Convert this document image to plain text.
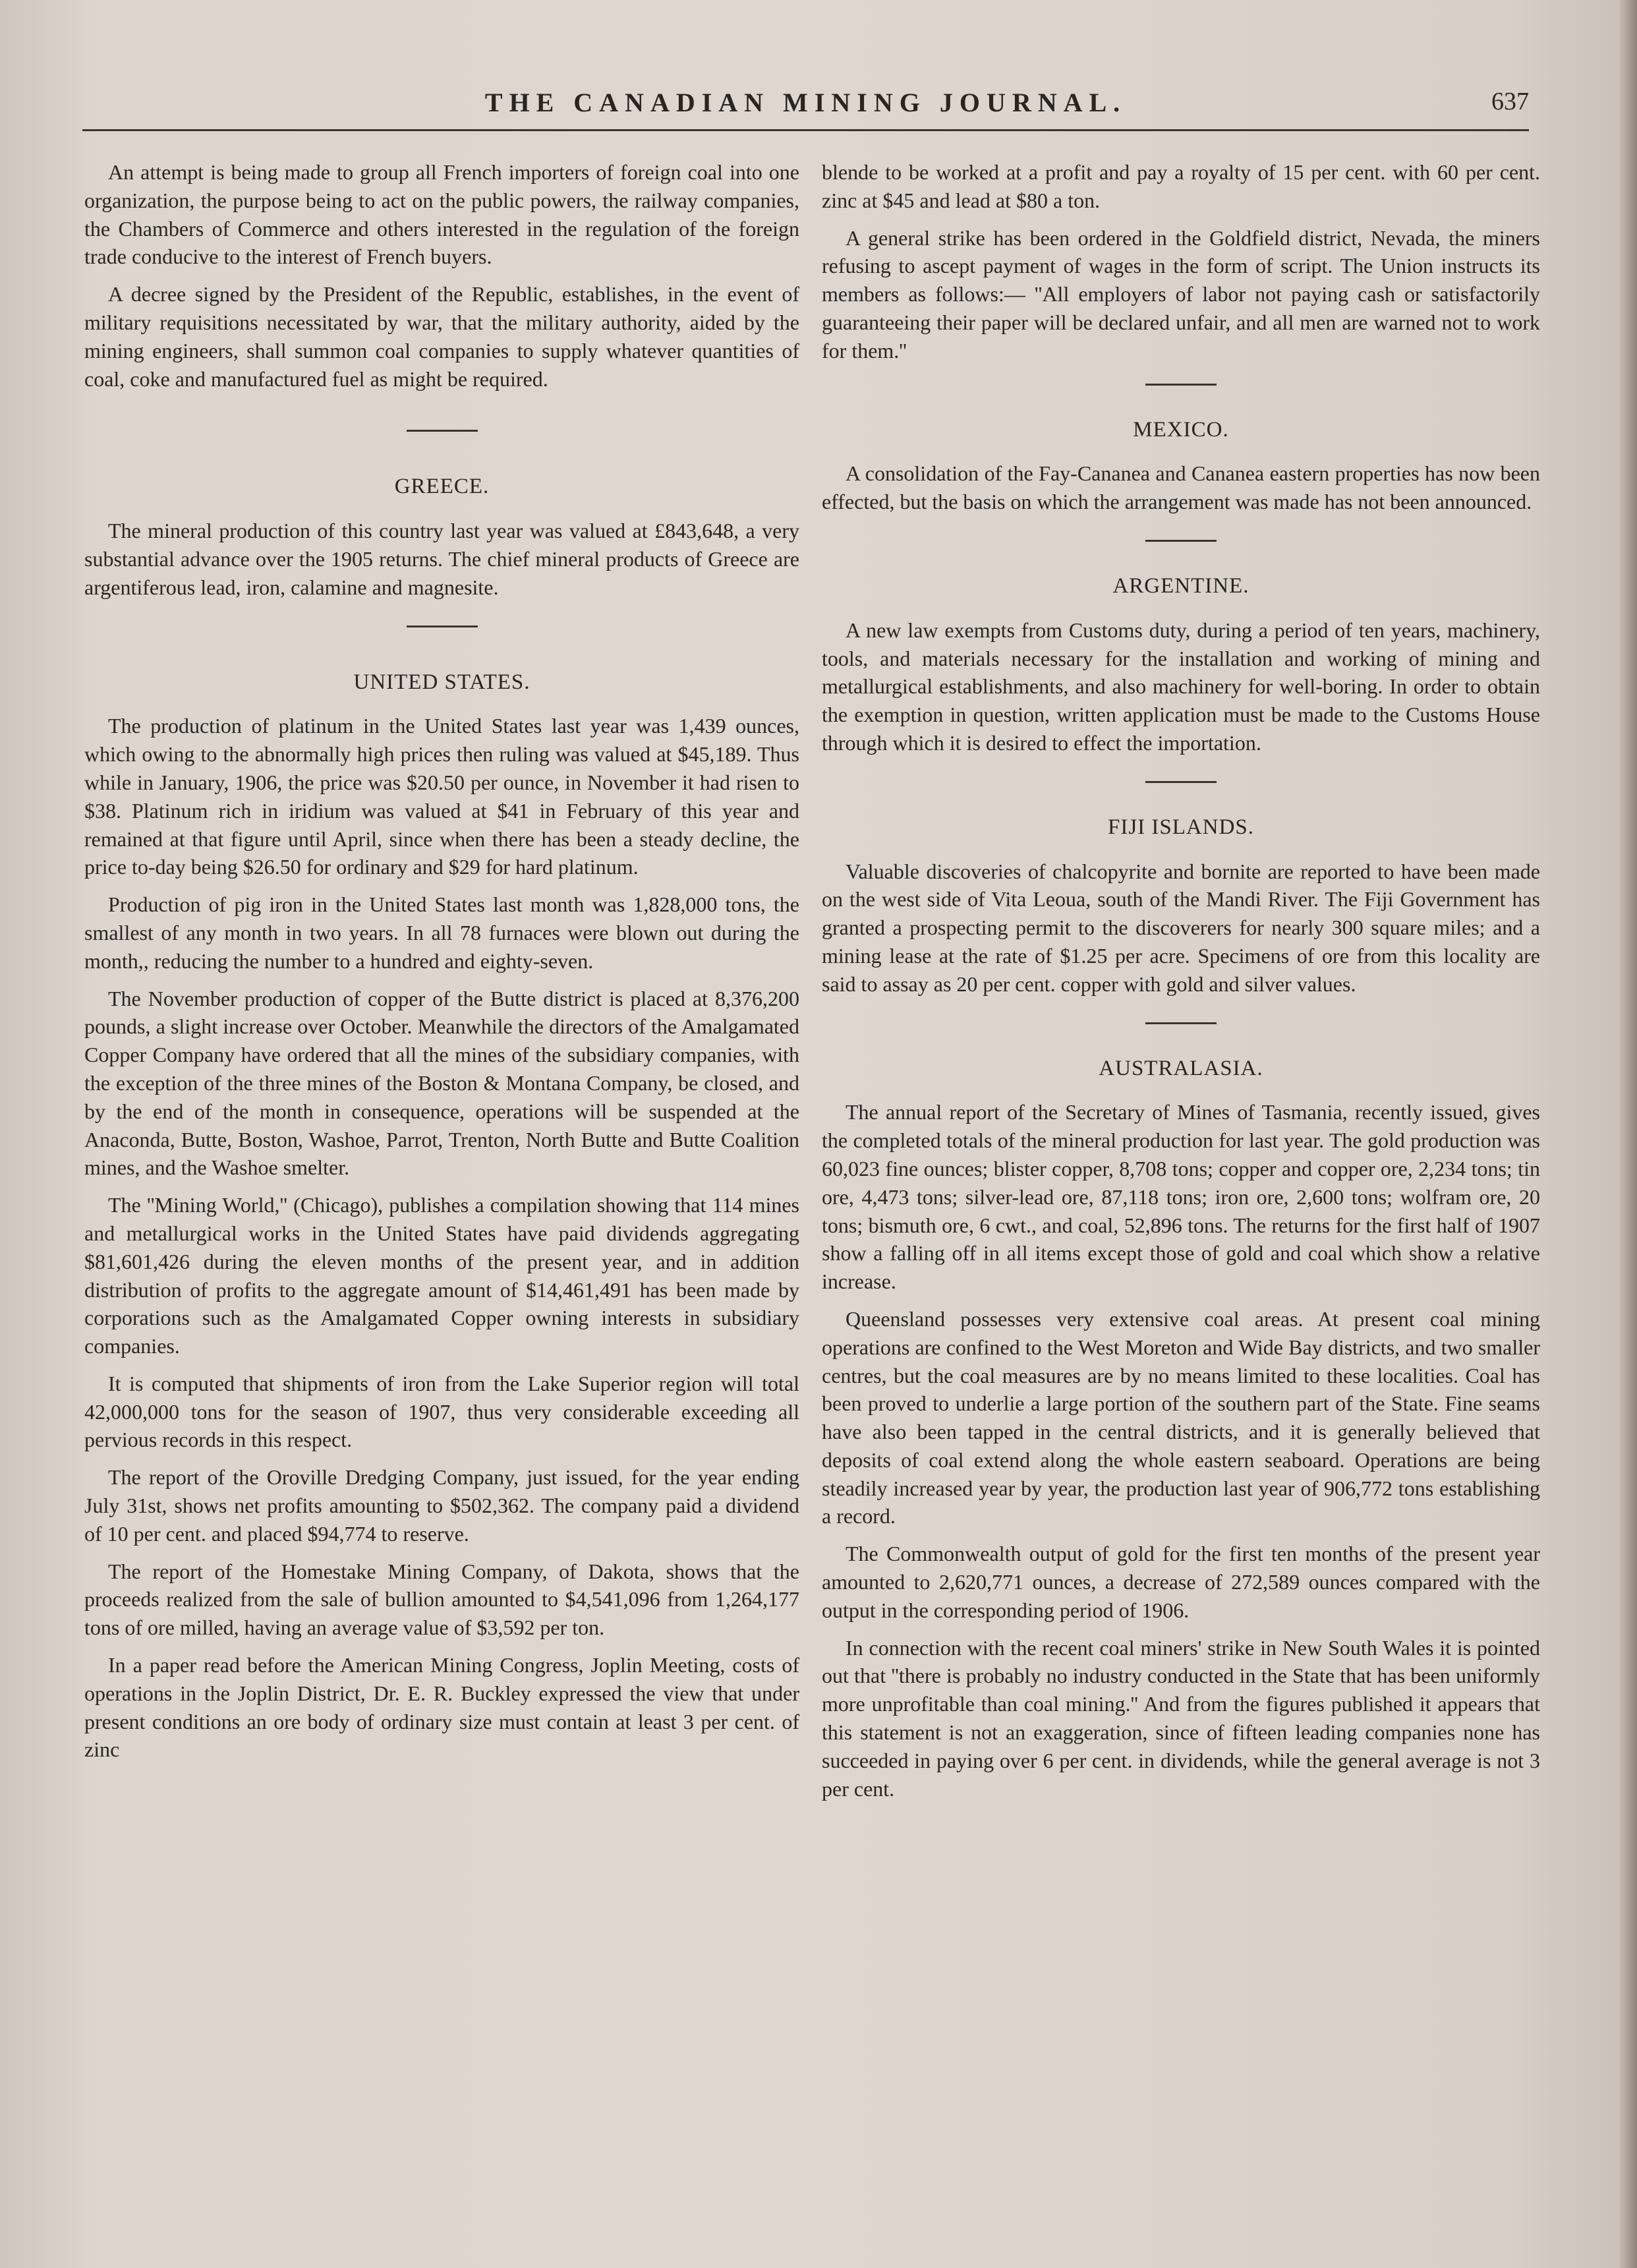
THE CANADIAN MINING JOURNAL.	637

An attempt is being made to group all French importers of foreign coal into one organization, the purpose being to act on the public powers, the railway companies, the Chambers of Commerce and others interested in the regulation of the foreign trade conducive to the interest of French buyers.

A decree signed by the President of the Republic, establishes, in the event of military requisitions necessitated by war, that the military authority, aided by the mining engineers, shall summon coal companies to supply whatever quantities of coal, coke and manufactured fuel as might be required.

GREECE.

The mineral production of this country last year was valued at £843,648, a very substantial advance over the 1905 returns. The chief mineral products of Greece are argentiferous lead, iron, calamine and magnesite.

UNITED STATES.

The production of platinum in the United States last year was 1,439 ounces, which owing to the abnormally high prices then ruling was valued at $45,189. Thus while in January, 1906, the price was $20.50 per ounce, in November it had risen to $38. Platinum rich in iridium was valued at $41 in February of this year and remained at that figure until April, since when there has been a steady decline, the price to-day being $26.50 for ordinary and $29 for hard platinum.

Production of pig iron in the United States last month was 1,828,000 tons, the smallest of any month in two years. In all 78 furnaces were blown out during the month,, reducing the number to a hundred and eighty-seven.

The November production of copper of the Butte district is placed at 8,376,200 pounds, a slight increase over October. Meanwhile the directors of the Amalgamated Copper Company have ordered that all the mines of the subsidiary companies, with the exception of the three mines of the Boston & Montana Company, be closed, and by the end of the month in consequence, operations will be suspended at the Anaconda, Butte, Boston, Washoe, Parrot, Trenton, North Butte and Butte Coalition mines, and the Washoe smelter.

The ''Mining World,'' (Chicago), publishes a compilation showing that 114 mines and metallurgical works in the United States have paid dividends aggregating $81,601,426 during the eleven months of the present year, and in addition distribution of profits to the aggregate amount of $14,461,491 has been made by corporations such as the Amalgamated Copper owning interests in subsidiary companies.

It is computed that shipments of iron from the Lake Superior region will total 42,000,000 tons for the season of 1907, thus very considerable exceeding all pervious records in this respect.

The report of the Oroville Dredging Company, just issued, for the year ending July 31st, shows net profits amounting to $502,362. The company paid a dividend of 10 per cent. and placed $94,774 to reserve.

The report of the Homestake Mining Company, of Dakota, shows that the proceeds realized from the sale of bullion amounted to $4,541,096 from 1,264,177 tons of ore milled, having an average value of $3,592 per ton.

In a paper read before the American Mining Congress, Joplin Meeting, costs of operations in the Joplin District, Dr. E. R. Buckley expressed the view that under present conditions an ore body of ordinary size must contain at least 3 per cent. of zinc

blende to be worked at a profit and pay a royalty of 15 per cent. with 60 per cent. zinc at $45 and lead at $80 a ton.

A general strike has been ordered in the Goldfield district, Nevada, the miners refusing to ascept payment of wages in the form of script. The Union instructs its members as follows:— ''All employers of labor not paying cash or satisfactorily guaranteeing their paper will be declared unfair, and all men are warned not to work for them.''

MEXICO.

A consolidation of the Fay-Cananea and Cananea eastern properties has now been effected, but the basis on which the arrangement was made has not been announced.

ARGENTINE.

A new law exempts from Customs duty, during a period of ten years, machinery, tools, and materials necessary for the installation and working of mining and metallurgical establishments, and also machinery for well-boring. In order to obtain the exemption in question, written application must be made to the Customs House through which it is desired to effect the importation.

FIJI ISLANDS.

Valuable discoveries of chalcopyrite and bornite are reported to have been made on the west side of Vita Leoua, south of the Mandi River. The Fiji Government has granted a prospecting permit to the discoverers for nearly 300 square miles; and a mining lease at the rate of $1.25 per acre. Specimens of ore from this locality are said to assay as 20 per cent. copper with gold and silver values.

AUSTRALASIA.

The annual report of the Secretary of Mines of Tasmania, recently issued, gives the completed totals of the mineral production for last year. The gold production was 60,023 fine ounces; blister copper, 8,708 tons; copper and copper ore, 2,234 tons; tin ore, 4,473 tons; silver-lead ore, 87,118 tons; iron ore, 2,600 tons; wolfram ore, 20 tons; bismuth ore, 6 cwt., and coal, 52,896 tons. The returns for the first half of 1907 show a falling off in all items except those of gold and coal which show a relative increase.

Queensland possesses very extensive coal areas. At present coal mining operations are confined to the West Moreton and Wide Bay districts, and two smaller centres, but the coal measures are by no means limited to these localities. Coal has been proved to underlie a large portion of the southern part of the State. Fine seams have also been tapped in the central districts, and it is generally believed that deposits of coal extend along the whole eastern seaboard. Operations are being steadily increased year by year, the production last year of 906,772 tons establishing a record.

The Commonwealth output of gold for the first ten months of the present year amounted to 2,620,771 ounces, a decrease of 272,589 ounces compared with the output in the corresponding period of 1906.

In connection with the recent coal miners' strike in New South Wales it is pointed out that ''there is probably no industry conducted in the State that has been uniformly more unprofitable than coal mining.'' And from the figures published it appears that this statement is not an exaggeration, since of fifteen leading companies none has succeeded in paying over 6 per cent. in dividends, while the general average is not 3 per cent.
